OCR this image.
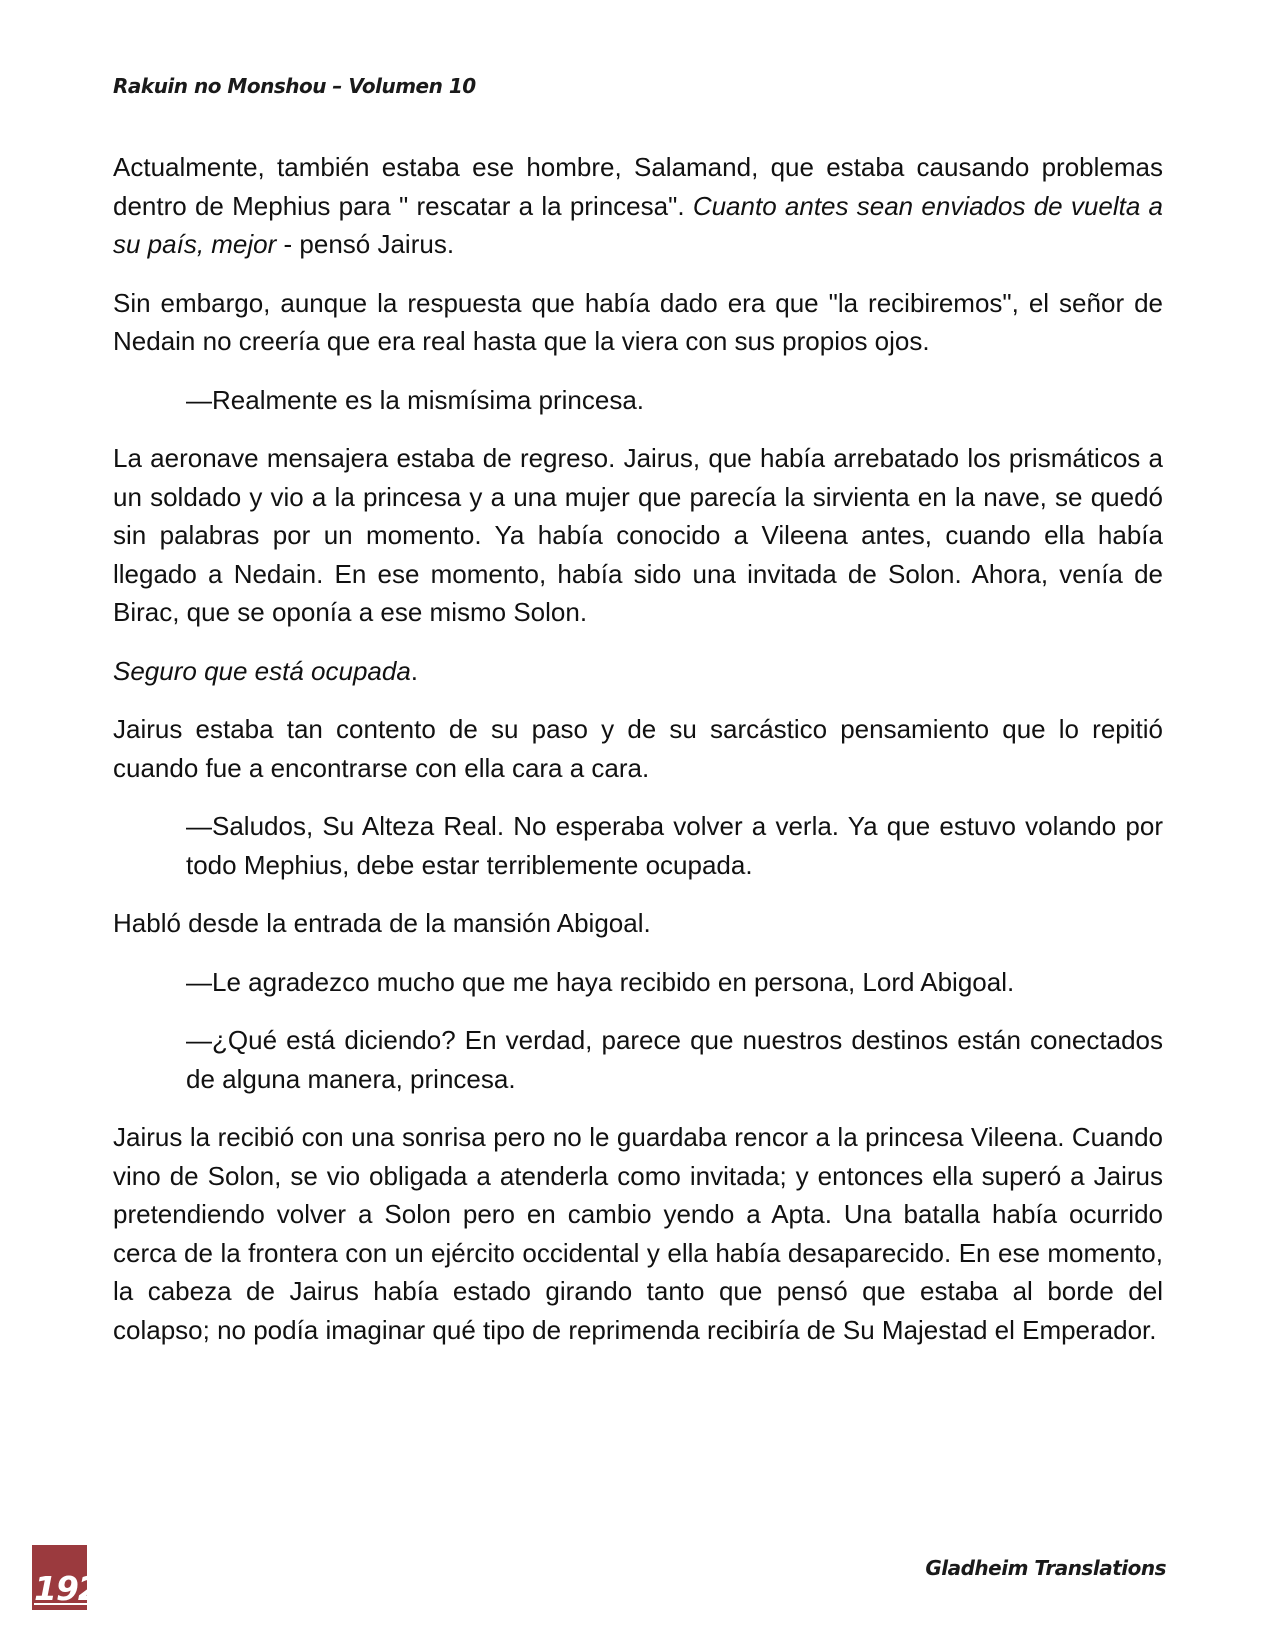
Rakuin no Monshou – Volumen 10

Actualmente, también estaba ese hombre, Salamand, que estaba causando problemas dentro de Mephius para " rescatar a la princesa". Cuanto antes sean enviados de vuelta a su país, mejor - pensó Jairus.

Sin embargo, aunque la respuesta que había dado era que "la recibiremos", el señor de Nedain no creería que era real hasta que la viera con sus propios ojos.

—Realmente es la mismísima princesa.

La aeronave mensajera estaba de regreso. Jairus, que había arrebatado los prismáticos a un soldado y vio a la princesa y a una mujer que parecía la sirvienta en la nave, se quedó sin palabras por un momento. Ya había conocido a Vileena antes, cuando ella había llegado a Nedain. En ese momento, había sido una invitada de Solon. Ahora, venía de Birac, que se oponía a ese mismo Solon.

Seguro que está ocupada.

Jairus estaba tan contento de su paso y de su sarcástico pensamiento que lo repitió cuando fue a encontrarse con ella cara a cara.

—Saludos, Su Alteza Real. No esperaba volver a verla. Ya que estuvo volando por todo Mephius, debe estar terriblemente ocupada.

Habló desde la entrada de la mansión Abigoal.

—Le agradezco mucho que me haya recibido en persona, Lord Abigoal.

—¿Qué está diciendo? En verdad, parece que nuestros destinos están conectados de alguna manera, princesa.

Jairus la recibió con una sonrisa pero no le guardaba rencor a la princesa Vileena. Cuando vino de Solon, se vio obligada a atenderla como invitada; y entonces ella superó a Jairus pretendiendo volver a Solon pero en cambio yendo a Apta. Una batalla había ocurrido cerca de la frontera con un ejército occidental y ella había desaparecido. En ese momento, la cabeza de Jairus había estado girando tanto que pensó que estaba al borde del colapso; no podía imaginar qué tipo de reprimenda recibiría de Su Majestad el Emperador.

192
Gladheim Translations
